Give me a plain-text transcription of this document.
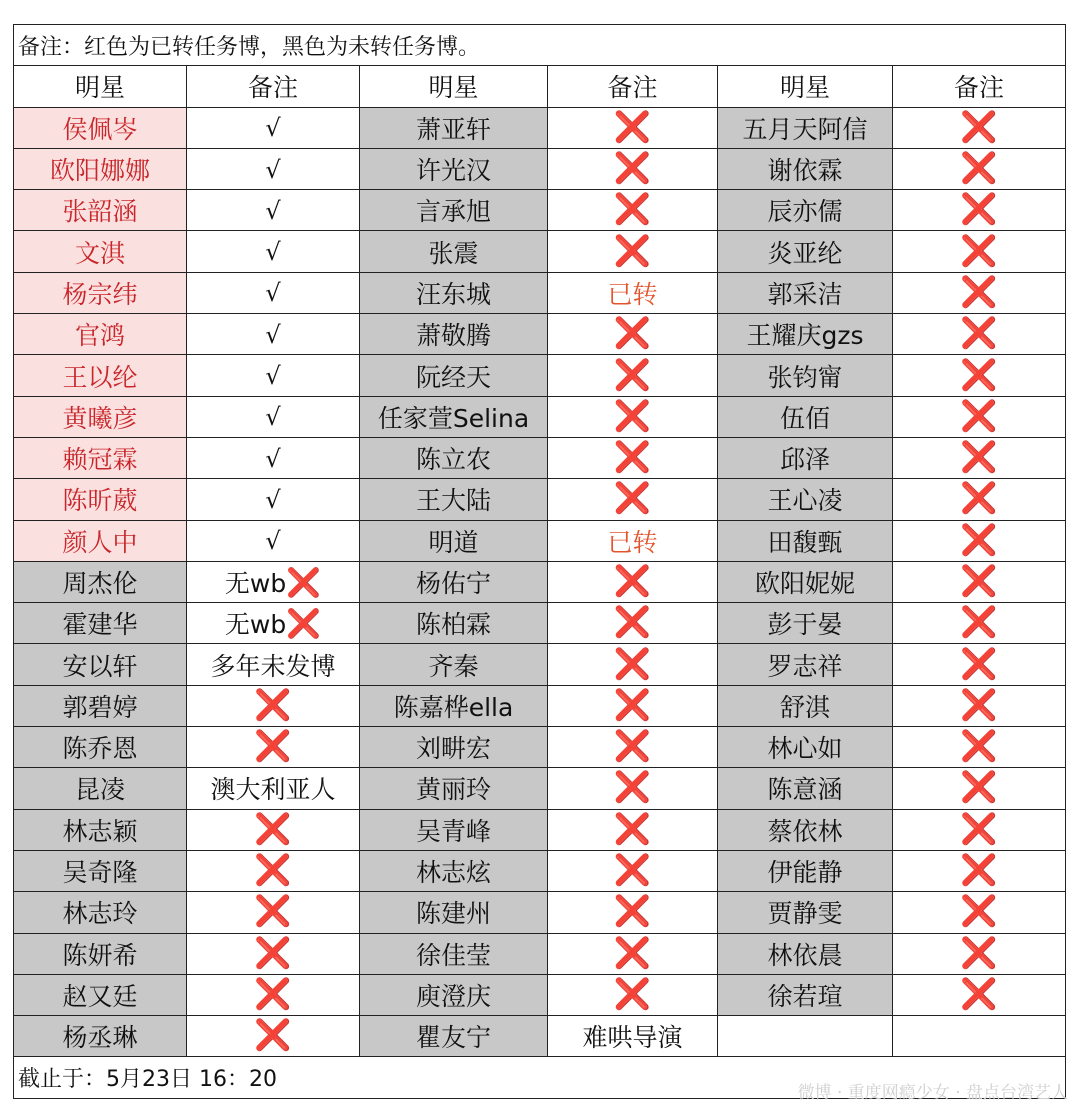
备注：红色为已转任务博，黑色为未转任务博。					
明星	备注	明星	备注	明星	备注
侯佩岑	√	萧亚轩	❌	五月天阿信	❌
欧阳娜娜	√	许光汉	❌	谢依霖	❌
张韶涵	√	言承旭	❌	辰亦儒	❌
文淇	√	张震	❌	炎亚纶	❌
杨宗纬	√	汪东城	已转	郭采洁	❌
官鸿	√	萧敬腾	❌	王耀庆gzs	❌
王以纶	√	阮经天	❌	张钧甯	❌
黄曦彦	√	任家萱Selina	❌	伍佰	❌
赖冠霖	√	陈立农	❌	邱泽	❌
陈昕葳	√	王大陆	❌	王心凌	❌
颜人中	√	明道	已转	田馥甄	❌
周杰伦	无wb❌	杨佑宁	❌	欧阳妮妮	❌
霍建华	无wb❌	陈柏霖	❌	彭于晏	❌
安以轩	多年未发博	齐秦	❌	罗志祥	❌
郭碧婷	❌	陈嘉桦ella	❌	舒淇	❌
陈乔恩	❌	刘畊宏	❌	林心如	❌
昆凌	澳大利亚人	黄丽玲	❌	陈意涵	❌
林志颖	❌	吴青峰	❌	蔡依林	❌
吴奇隆	❌	林志炫	❌	伊能静	❌
林志玲	❌	陈建州	❌	贾静雯	❌
陈妍希	❌	徐佳莹	❌	林依晨	❌
赵又廷	❌	庾澄庆	❌	徐若瑄	❌
杨丞琳	❌	瞿友宁	难哄导演		
截止于：5月23日 16：20					
微博 · 重度网瘾少女 · 盘点台湾艺人
